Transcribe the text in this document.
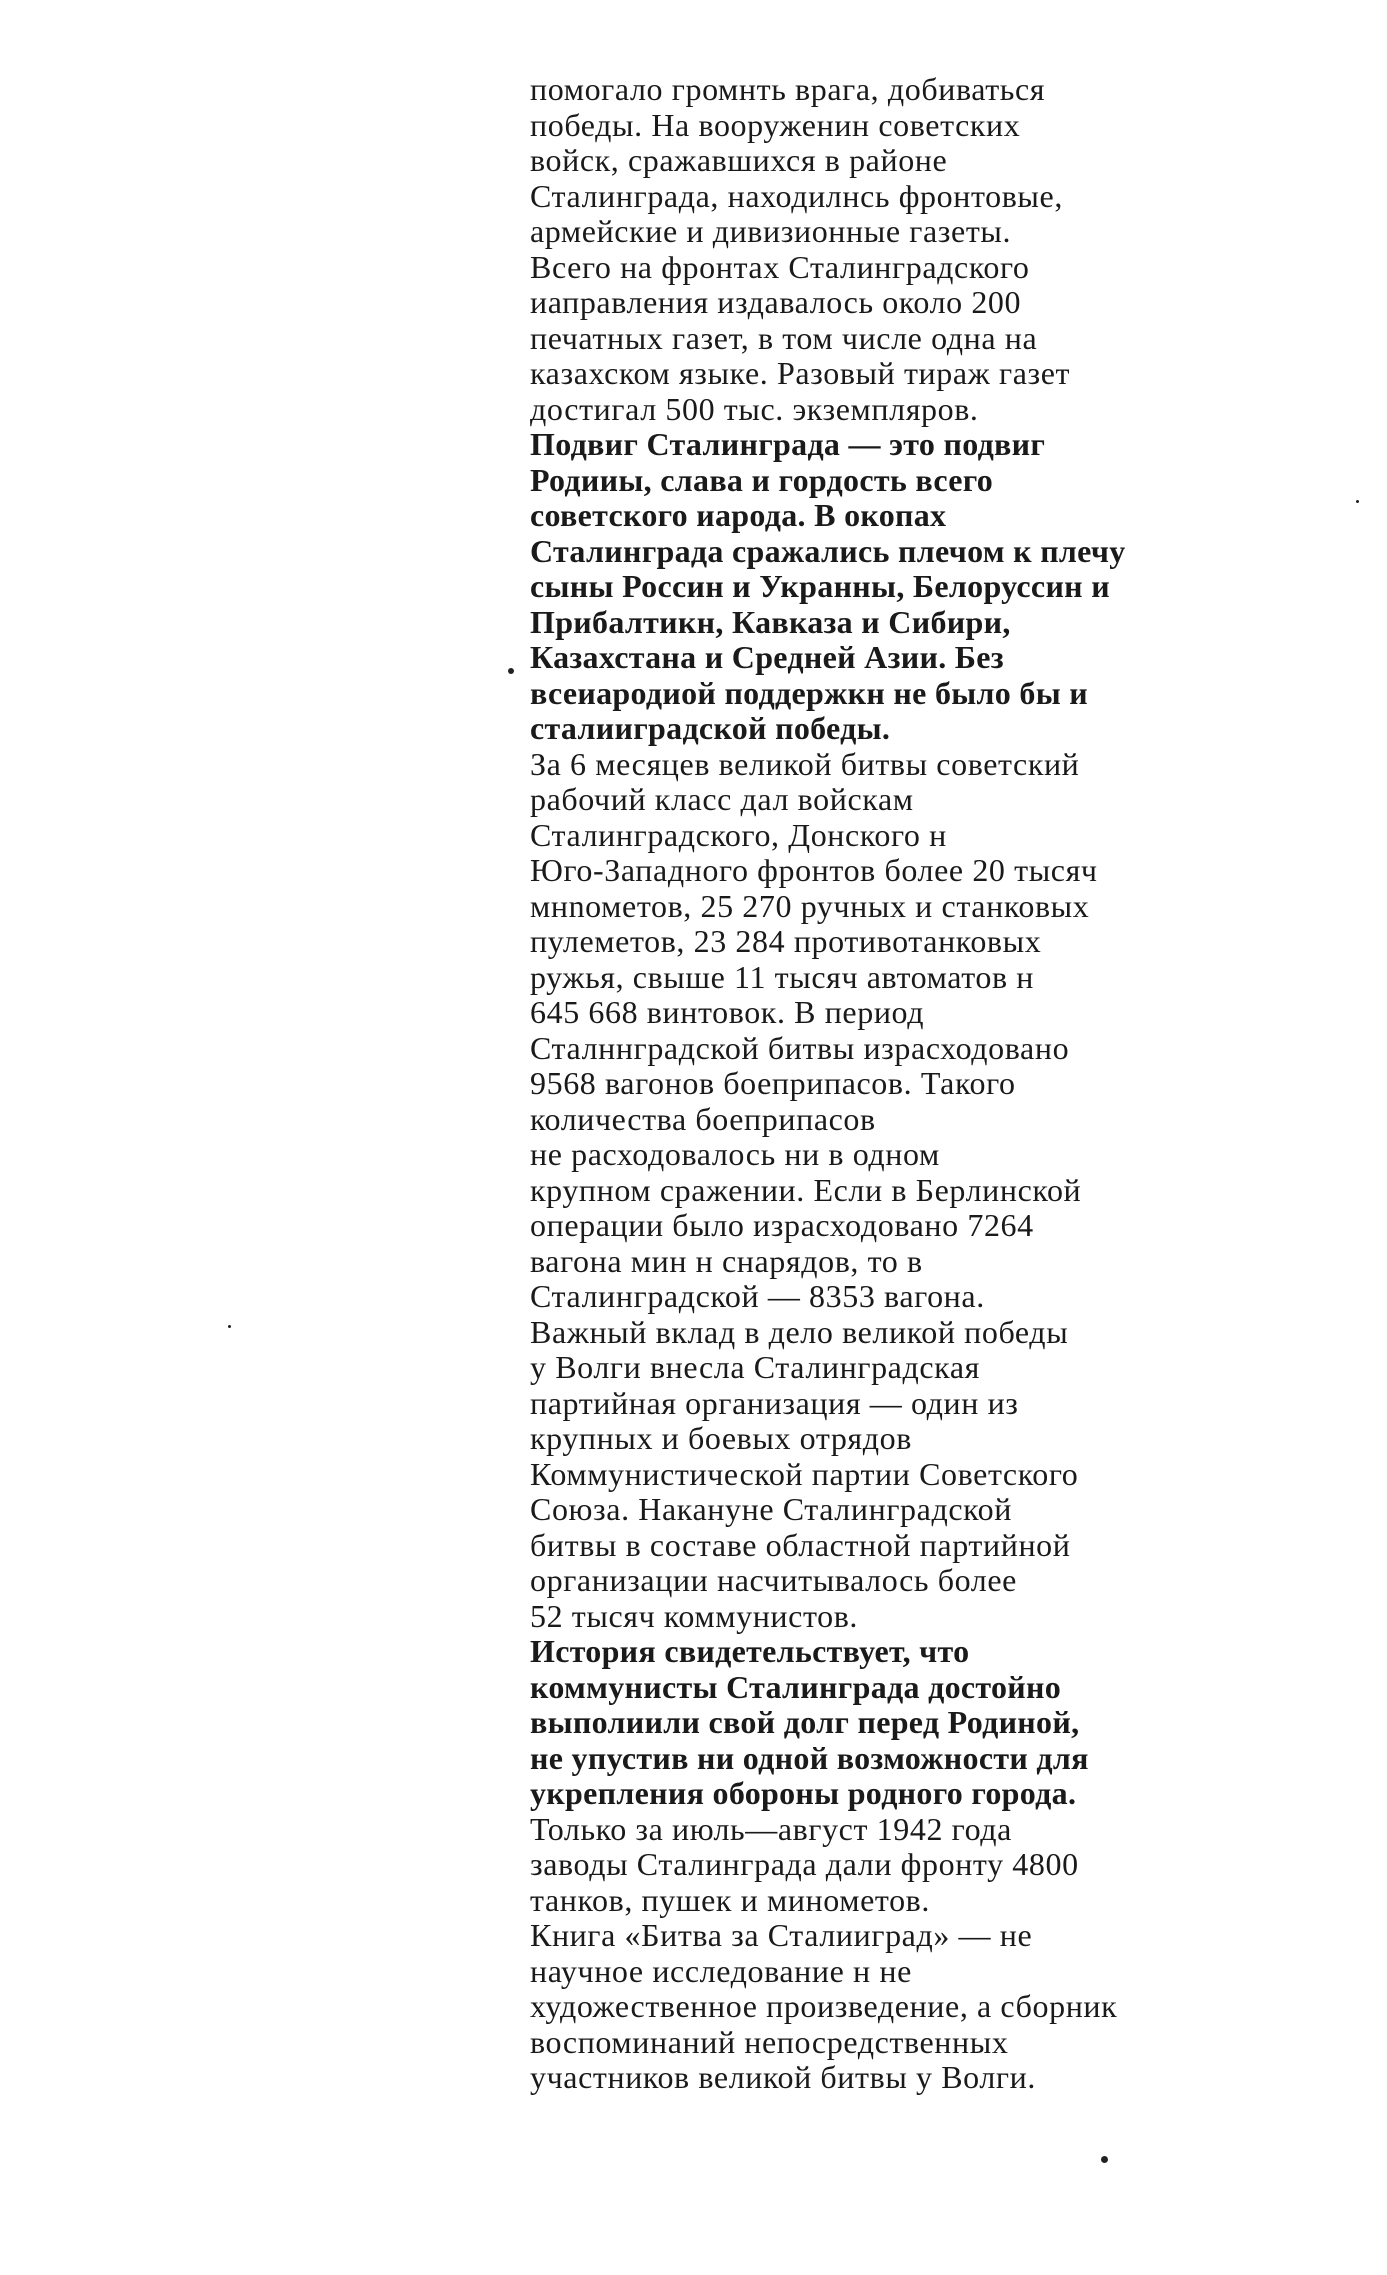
помогало громнть врага, добиваться

победы. На вооруженин советских

войск, сражавшихся в районе

Сталинграда, находилнсь фронтовые,

армейские и дивизионные газеты.

Всего на фронтах Сталинградского

иаправления издавалось около 200

печатных газет, в том числе одна на

казахском языке. Разовый тираж газет

достигал 500 тыс. экземпляров.

Подвиг Сталинграда — это подвиг

Родииы, слава и гордость всего

советского иарода. В окопах

Сталинграда сражались плечом к плечу

сыны Россин и Укранны, Белоруссин и

Прибалтикн, Кавказа и Сибири,

Казахстана и Средней Азии. Без

всеиародиой поддержкн не было бы и

сталииградской победы.

За 6 месяцев великой битвы советский

рабочий класс дал войскам

Сталинградского, Донского н

Юго-Западного фронтов более 20 тысяч

мнnометов, 25 270 ручных и станковых

пулеметов, 23 284 противотанковых

ружья, свыше 11 тысяч автоматов н

645 668 винтовок. В период

Сталннградской битвы израсходовано

9568 вагонов боеприпасов. Такого

количества боеприпасов

не расходовалось ни в одном

крупном сражении. Если в Берлинской

операции было израсходовано 7264

вагона мин н снарядов, то в

Сталинградской — 8353 вагона.

Важный вклад в дело великой победы

у Волги внесла Сталинградская

партийная организация — один из

крупных и боевых отрядов

Коммунистической партии Советского

Союза. Накануне Сталинградской

битвы в составе областной партийной

организации насчитывалось более

52 тысяч коммунистов.

История свидетельствует, что

коммунисты Сталинграда достойно

выполиили свой долг перед Родиной,

не упустив ни одной возможности для

укрепления обороны родного города.

Только за июль—август 1942 года

заводы Сталинграда дали фронту 4800

танков, пушек и минометов.

Книга «Битва за Сталииград» — не

научное исследование н не

художественное произведение, а сборник

воспоминаний непосредственных

участников великой битвы у Волги.
